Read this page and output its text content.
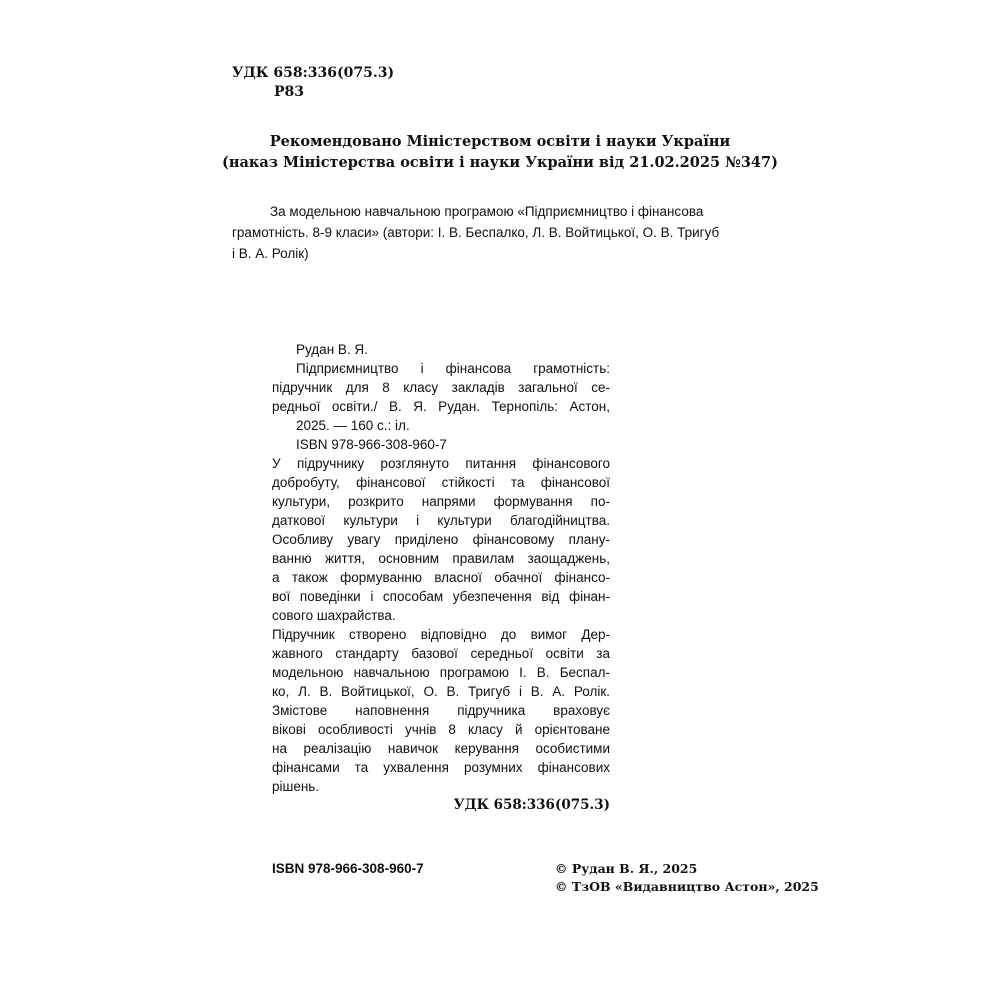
УДК 658:336(075.3)
Р83
Рекомендовано Міністерством освіти і науки України
(наказ Міністерства освіти і науки України від 21.02.2025 №347)
За модельною навчальною програмою «Підприємництво і фінансова
грамотність. 8-9 класи» (автори: І. В. Беспалко, Л. В. Войтицької, О. В. Тригуб
і В. А. Ролік)
Рудан В. Я.
Підприємництво і фінансова грамотність:
підручник для 8 класу закладів загальної се-
редньої освіти./ В. Я. Рудан. Тернопіль: Астон,
2025. — 160 с.: іл.
ISBN 978-966-308-960-7
У підручнику розглянуто питання фінансового
добробуту, фінансової стійкості та фінансової
культури, розкрито напрями формування по-
даткової культури і культури благодійництва.
Особливу увагу приділено фінансовому плану-
ванню життя, основним правилам заощаджень,
а також формуванню власної обачної фінансо-
вої поведінки і способам убезпечення від фінан-
сового шахрайства.
Підручник створено відповідно до вимог Дер-
жавного стандарту базової середньої освіти за
модельною навчальною програмою І. В. Беспал-
ко, Л. В. Войтицької, О. В. Тригуб і В. А. Ролік.
Змістове наповнення підручника враховує
вікові особливості учнів 8 класу й орієнтоване
на реалізацію навичок керування особистими
фінансами та ухвалення розумних фінансових
рішень.
УДК 658:336(075.3)
ISBN 978-966-308-960-7	© Рудан В. Я., 2025
© ТзОВ «Видавництво Астон», 2025
